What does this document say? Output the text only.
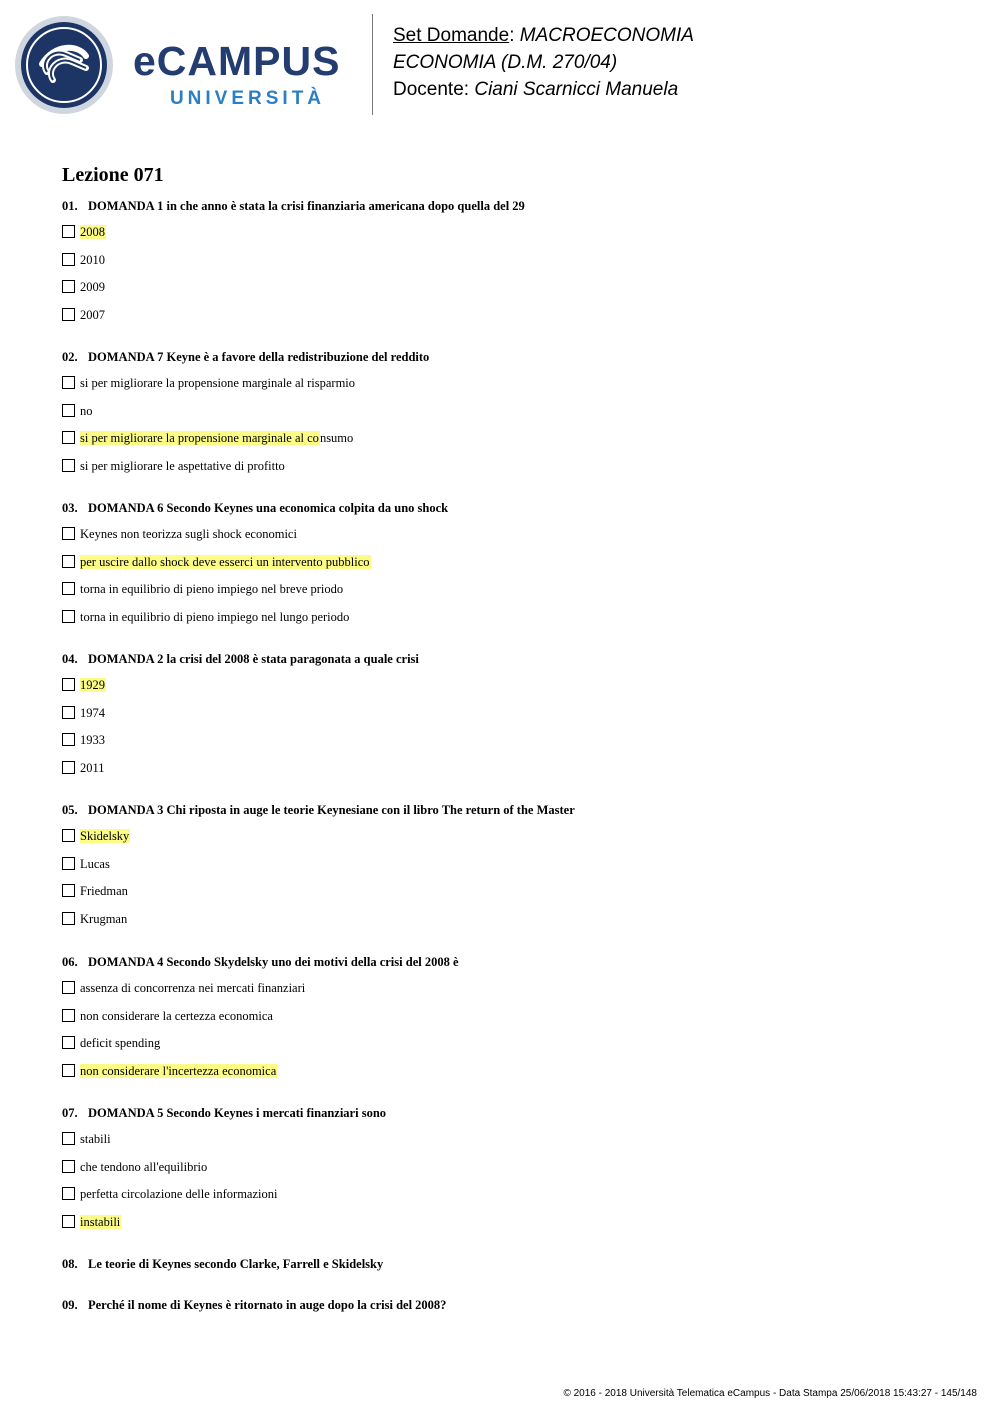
eCAMPUS
UNIVERSITÀ
Set Domande: MACROECONOMIA
ECONOMIA (D.M. 270/04)
Docente: Ciani Scarnicci Manuela
Lezione 071
01. DOMANDA 1 in che anno è stata la crisi finanziaria americana dopo quella del 29
2008
2010
2009
2007
02. DOMANDA 7 Keyne è a favore della redistribuzione del reddito
si per migliorare la propensione marginale al risparmio
no
si per migliorare la propensione marginale al consumo
si per migliorare le aspettative di profitto
03. DOMANDA 6 Secondo Keynes una economica colpita da uno shock
Keynes non teorizza sugli shock economici
per uscire dallo shock deve esserci un intervento pubblico
torna in equilibrio di pieno impiego nel breve priodo
torna in equilibrio di pieno impiego nel lungo periodo
04. DOMANDA 2 la crisi del 2008 è stata paragonata a quale crisi
1929
1974
1933
2011
05. DOMANDA 3 Chi riposta in auge le teorie Keynesiane con il libro The return of the Master
Skidelsky
Lucas
Friedman
Krugman
06. DOMANDA 4 Secondo Skydelsky uno dei motivi della crisi del 2008 è
assenza di concorrenza nei mercati finanziari
non considerare la certezza economica
deficit spending
non considerare l'incertezza economica
07. DOMANDA 5 Secondo Keynes i mercati finanziari sono
stabili
che tendono all'equilibrio
perfetta circolazione delle informazioni
instabili
08. Le teorie di Keynes secondo Clarke, Farrell e Skidelsky
09. Perché il nome di Keynes è ritornato in auge dopo la crisi del 2008?
© 2016 - 2018 Università Telematica eCampus - Data Stampa 25/06/2018 15:43:27 - 145/148
